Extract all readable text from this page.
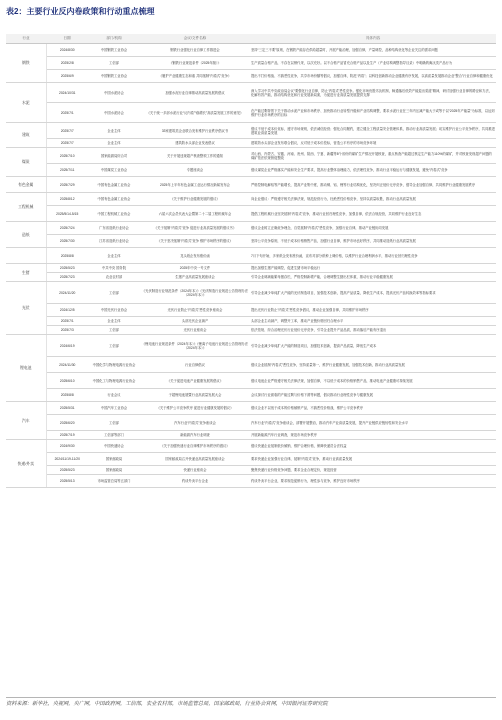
表2：主要行业反内卷政策和行动重点梳理
行业	日期	部门/机构	会议/文件名称	具体内容
钢铁	2024/8/30	中国钢铁工业协会	钢铁行业强化行业自律工作推进会	坚持“三定三不要”原则，在钢铁产能存在供给超量时，开展产能治理，加强自律，产量调控，品种结构优化等企业关注的需求问题
	2025/2/8	工信部	《钢铁行业规范条件（2025年版）》	生产质量合格产品，不存在以销代采，以次充好。以不合格产品冒充合格产品以及生产（产业结构调整指导目录）中明确的淘汰类产品行为
	2025/6/9	中国钢铁工业协会	《履护产业健康生态和谐 共同抵制“内卷式”竞争》	提出不打价格战、不搞恶性竞争，共享市场份额等倡议，加强自律，防范“内卷”；以科技创新推动企业健康有序发展，以高质量发展推动企业“整合”行业自律和健康优化
水泥	2024/10/31	中国水泥协会	加强水泥行业自律推动高质量发展的倡议	深入学习中共中央政治局会议“要强化行业自律，防止‘内卷式’恶性竞争。强化市场优胜劣汰机制，畅通落后低效产能退出渠道”精神，研讨加强行业自律的路径和方法，化解有效产能，推动结构优化和行业发展新局面，为促进行业高质量发展提供支撑
	2025/7/1	中国水泥协会	《关于统一多部水泥行业“反内卷”“稳增长”高质量发展工作的意见》	在产能过剩背景下关于推动水泥产业和市场秩序、加快推动行业转型升级和产业结构调整，要求水泥行业在三年内压减产能大于或等于以“2025年产能量”为标准，以达到维护行业市场秩序的目标
建筑	2025/7/7	企业主体	33家建筑类企业联合发布维护行业秩序倡议书	倡议不低于成本价竞标，遵守市场规则，依法诚信经营；强化合同履约，建立健全工程质量安全管理体系，推动行业高质量发展；切实维护行业公平竞争秩序，共同推进建筑业高质量发展
	2025/7/7	企业主体	建筑防水头部企业发表倡议	建筑防水头部企业发布联合倡议，反对低于成本价投标，营造公平有序的市场竞争环境
煤炭	2025/7/10	国家能源局综合司	关于开展违规超产核查整顿工作的通知	对山西、内蒙古、安徽、河南、贵州、陕西、宁夏、新疆等8个省份的煤矿生产情况开展核查，重点核查产能超过核定生产能力110%的煤矿，并对核查发现超产问题的煤矿依法依规督促整改
	2025/7/11	中国煤炭工业协会	专题座谈会	倡议煤炭企业严格落实产能和安全生产要求，提高行业整体治理能力，依法理性竞争，推动行业平稳运行与健康发展，避免“内卷式”竞争
有色金属	2025/7/29	中国有色金属工业协会	2025年上半年有色金属工业运行情况新闻发布会	严格控制电解铝等产能增长，提高产业集中度，推动铜、铝、锂等行业结构优化，坚决纠正低价无序竞争，倡导企业加强自律，共同维护行业健康发展秩序
工程机械	2025/8/12	中国有色金属工业协会	《关于维护行业健康发展的倡议》	向企业倡议：严格遵守相关法律法规，规范经营行为，杜绝恶性价格竞争，坚持以质量取胜，推动行业高质量发展
	2025/5/14-5/15	中国工程机械工业协会	六届六次会员代表大会暨第二十二届工程机械年会	提倡工程机械行业坚决抵制“内卷式”竞争，推动行业回归理性竞争，加强自律，依法合规经营，共同维护行业良好生态
造纸	2025/7/24	广东省造纸行业协会	《关于抵制“内卷式”竞争 促进行业高质量发展的倡议书》	倡议企业树立正确竞争理念，自觉抵制“内卷式”恶性竞争，加强行业自律，推动产业链协同发展
	2025/7/30	江苏省造纸行业协会	《关于坚决抵制“内卷式”竞争 维护市场秩序的倡议》	坚持公平竞争原则，不低于成本价格销售产品，加强行业自律，维护市场良好秩序，共同推动造纸行业高质量发展
	2025/8/8	企业主体	龙头纸企发布涨价函	7月下旬开始，多家纸企发布涨价函，宣布对部分纸种上调价格，以维护行业合理利润水平，推动行业回归理性竞争
生猪	2025/5/23	中共中央 国务院	2025年中央一号文件	提出加强生猪产能调控，促进生猪市场平稳运行
	2025/7/23	农业农村部	生猪产业高质量发展座谈会	引导企业调减能繁母猪存栏，严格控制新增产能，合理调整生猪出栏体重，推动行业平稳健康发展
光伏	2024/11/20	工信部	《光伏制造行业规范条件（2024年本）》《光伏制造行业规范公告管理办法（2024年本）》	引导企业减少单纯扩大产能的光伏制造项目，加强技术创新，提高产品质量，降低生产成本，提高光伏产品转换效率等指标要求
	2024/12/5	中国光伏行业协会	光伏行业防止“内卷式”恶性竞争座谈会	提出光伏行业防止“内卷式”恶性竞争倡议，推动企业加强自律，共同维护市场秩序
	2025/7/1	企业主体	头部光伏企业减产	头部企业主动减产，调整开工率，推动产业链价格回归合理水平
	2025/7/3	工信部	光伏行业座谈会	依法依规、综合治理光伏行业低价无序竞争，引导企业提升产品品质，推动落后产能有序退出
锂电池	2024/6/19	工信部	《锂电池行业规范条件（2024年本）》《锂离子电池行业规范公告管理办法（2024年本）》	引导企业减少单纯扩大产能的制造项目，加强技术创新，提高产品质量，降低生产成本
	2024/11/30	中国化学与物理电源行业协会	行业自律倡议	倡议企业抵制“内卷式”恶性竞争，坚持质量第一，维护行业健康发展，加强技术创新，推动行业高质量发展
	2025/6/10	中国化工与物理电源行业协会	《关于促进电池产业健康发展的倡议》	倡议电池企业严格遵守相关法律法规，加强自律，不以低于成本的价格销售产品，推动电池产业健康可持续发展
	2025/8/8	行业会议	于超锂电池展暨行业高质量发展大会	会议探讨行业面临的产能过剩与价格下滑等问题，倡议推动行业理性竞争与健康发展
汽车	2025/5/31	中国汽车工业协会	《关于维护公平竞争秩序 促进行业健康发展的倡议》	倡议企业不以低于成本的价格倾销产品，不搞恶性价格战，维护公平竞争秩序
	2025/6/20	工信部	汽车行业“内卷式”竞争座谈会	汽车行业“内卷式”竞争座谈会，部署开展整治，推动汽车产业高质量发展，提升产业链供应链韧性和安全水平
	2025/7/19	工信部等部门	新能源汽车行业调查	开展新能源汽车行业调查，规范市场竞争秩序
快递/外卖	2024/9/30	中国快递协会	《关于加强快递行业自律维护市场秩序的倡议》	倡议快递企业抵制低价倾销，维护合理价格，保障快递员合法权益
	2024/11/19-11/20	国家邮政局	国家邮政局召开快递业高质量发展座谈会	要求快递企业加强行业自律，抵制“内卷式”竞争，推动行业高质量发展
	2025/5/23	国家邮政局	快递行业座谈会	聚焦快递行业价格竞争问题，要求企业合理定价，规范经营
	2025/5/13	市场监管总局等五部门	约谈外卖平台企业	约谈外卖平台企业，要求规范促销行为，理性参与竞争，维护良好市场秩序
资料来源：新华社，央视网，央广网，中国政府网，工信部，农业农村部，市场监管总局，国家邮政局，行业协会官网，中国银河证券研究院
